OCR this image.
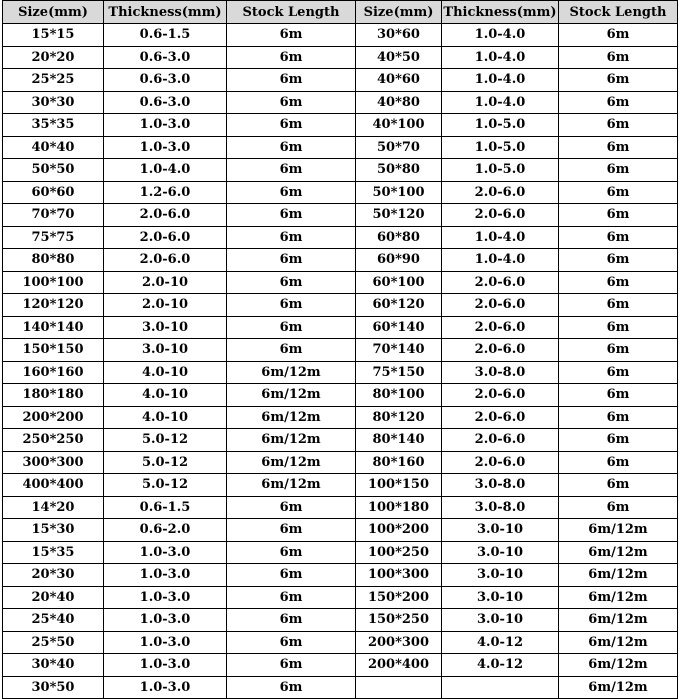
Size(mm)	Thickness(mm)	Stock Length	Size(mm)	Thickness(mm)	Stock Length
15*15	0.6-1.5	6m	30*60	1.0-4.0	6m
20*20	0.6-3.0	6m	40*50	1.0-4.0	6m
25*25	0.6-3.0	6m	40*60	1.0-4.0	6m
30*30	0.6-3.0	6m	40*80	1.0-4.0	6m
35*35	1.0-3.0	6m	40*100	1.0-5.0	6m
40*40	1.0-3.0	6m	50*70	1.0-5.0	6m
50*50	1.0-4.0	6m	50*80	1.0-5.0	6m
60*60	1.2-6.0	6m	50*100	2.0-6.0	6m
70*70	2.0-6.0	6m	50*120	2.0-6.0	6m
75*75	2.0-6.0	6m	60*80	1.0-4.0	6m
80*80	2.0-6.0	6m	60*90	1.0-4.0	6m
100*100	2.0-10	6m	60*100	2.0-6.0	6m
120*120	2.0-10	6m	60*120	2.0-6.0	6m
140*140	3.0-10	6m	60*140	2.0-6.0	6m
150*150	3.0-10	6m	70*140	2.0-6.0	6m
160*160	4.0-10	6m/12m	75*150	3.0-8.0	6m
180*180	4.0-10	6m/12m	80*100	2.0-6.0	6m
200*200	4.0-10	6m/12m	80*120	2.0-6.0	6m
250*250	5.0-12	6m/12m	80*140	2.0-6.0	6m
300*300	5.0-12	6m/12m	80*160	2.0-6.0	6m
400*400	5.0-12	6m/12m	100*150	3.0-8.0	6m
14*20	0.6-1.5	6m	100*180	3.0-8.0	6m
15*30	0.6-2.0	6m	100*200	3.0-10	6m/12m
15*35	1.0-3.0	6m	100*250	3.0-10	6m/12m
20*30	1.0-3.0	6m	100*300	3.0-10	6m/12m
20*40	1.0-3.0	6m	150*200	3.0-10	6m/12m
25*40	1.0-3.0	6m	150*250	3.0-10	6m/12m
25*50	1.0-3.0	6m	200*300	4.0-12	6m/12m
30*40	1.0-3.0	6m	200*400	4.0-12	6m/12m
30*50	1.0-3.0	6m			6m/12m
